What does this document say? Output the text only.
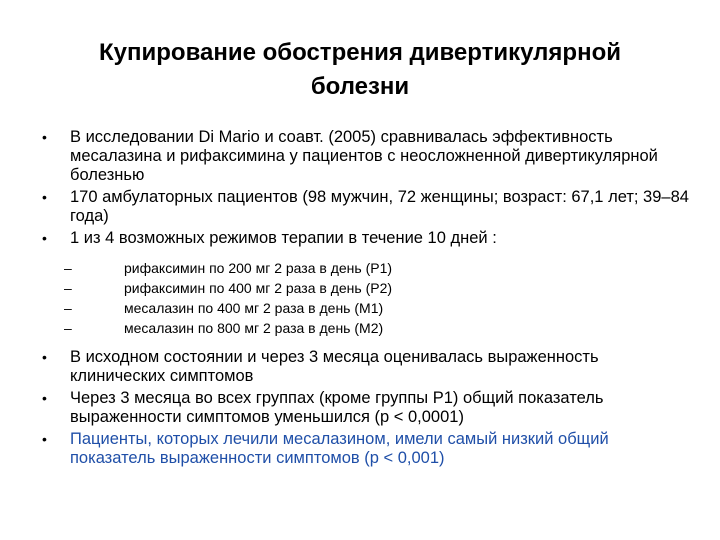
Купирование обострения дивертикулярной
болезни
• В исследовании Di Mario и соавт. (2005) сравнивалась эффективность месалазина и рифаксимина у пациентов с неосложненной дивертикулярной болезнью
• 170 амбулаторных пациентов (98 мужчин, 72 женщины; возраст: 67,1 лет; 39–84 года)
• 1 из 4 возможных режимов терапии в течение 10 дней :
–	рифаксимин по 200 мг 2 раза в день (P1)
–	рифаксимин по 400 мг 2 раза в день (P2)
–	месалазин по 400 мг 2 раза в день (M1)
–	месалазин по 800 мг 2 раза в день (M2)
• В исходном состоянии и через 3 месяца оценивалась выраженность клинических симптомов
• Через 3 месяца во всех группах (кроме группы P1) общий показатель выраженности симптомов уменьшился (р < 0,0001)
• Пациенты, которых лечили месалазином, имели самый низкий общий показатель выраженности симптомов (р < 0,001)
